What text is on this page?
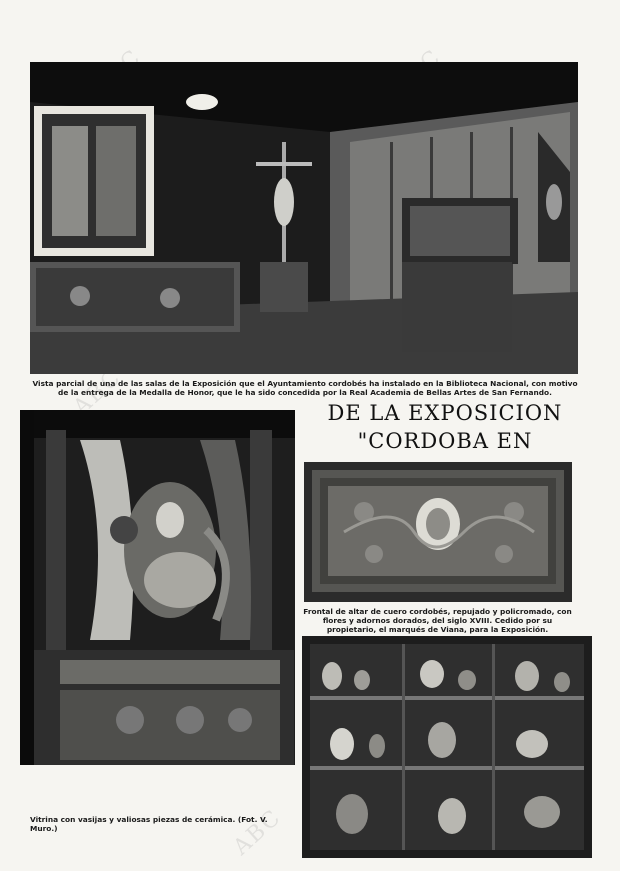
ABC
ABC

Vista parcial de una de las salas de la Exposición que el Ayuntamiento cordobés ha instalado en la Biblioteca Nacional, con motivo de la entrega de la Medalla de Honor, que le ha sido concedida por la Real Academia de Bellas Artes de San Fernando.

Vitrina con vasijas y valiosas piezas de cerámica. (Fot. V. Muro.)

DE LA EXPOSICION
"CORDOBA EN

Frontal de altar de cuero cordobés, repujado y policromado, con flores y adornos dorados, del siglo XVIII. Cedido por su propietario, el marqués de Viana, para la Exposición.
